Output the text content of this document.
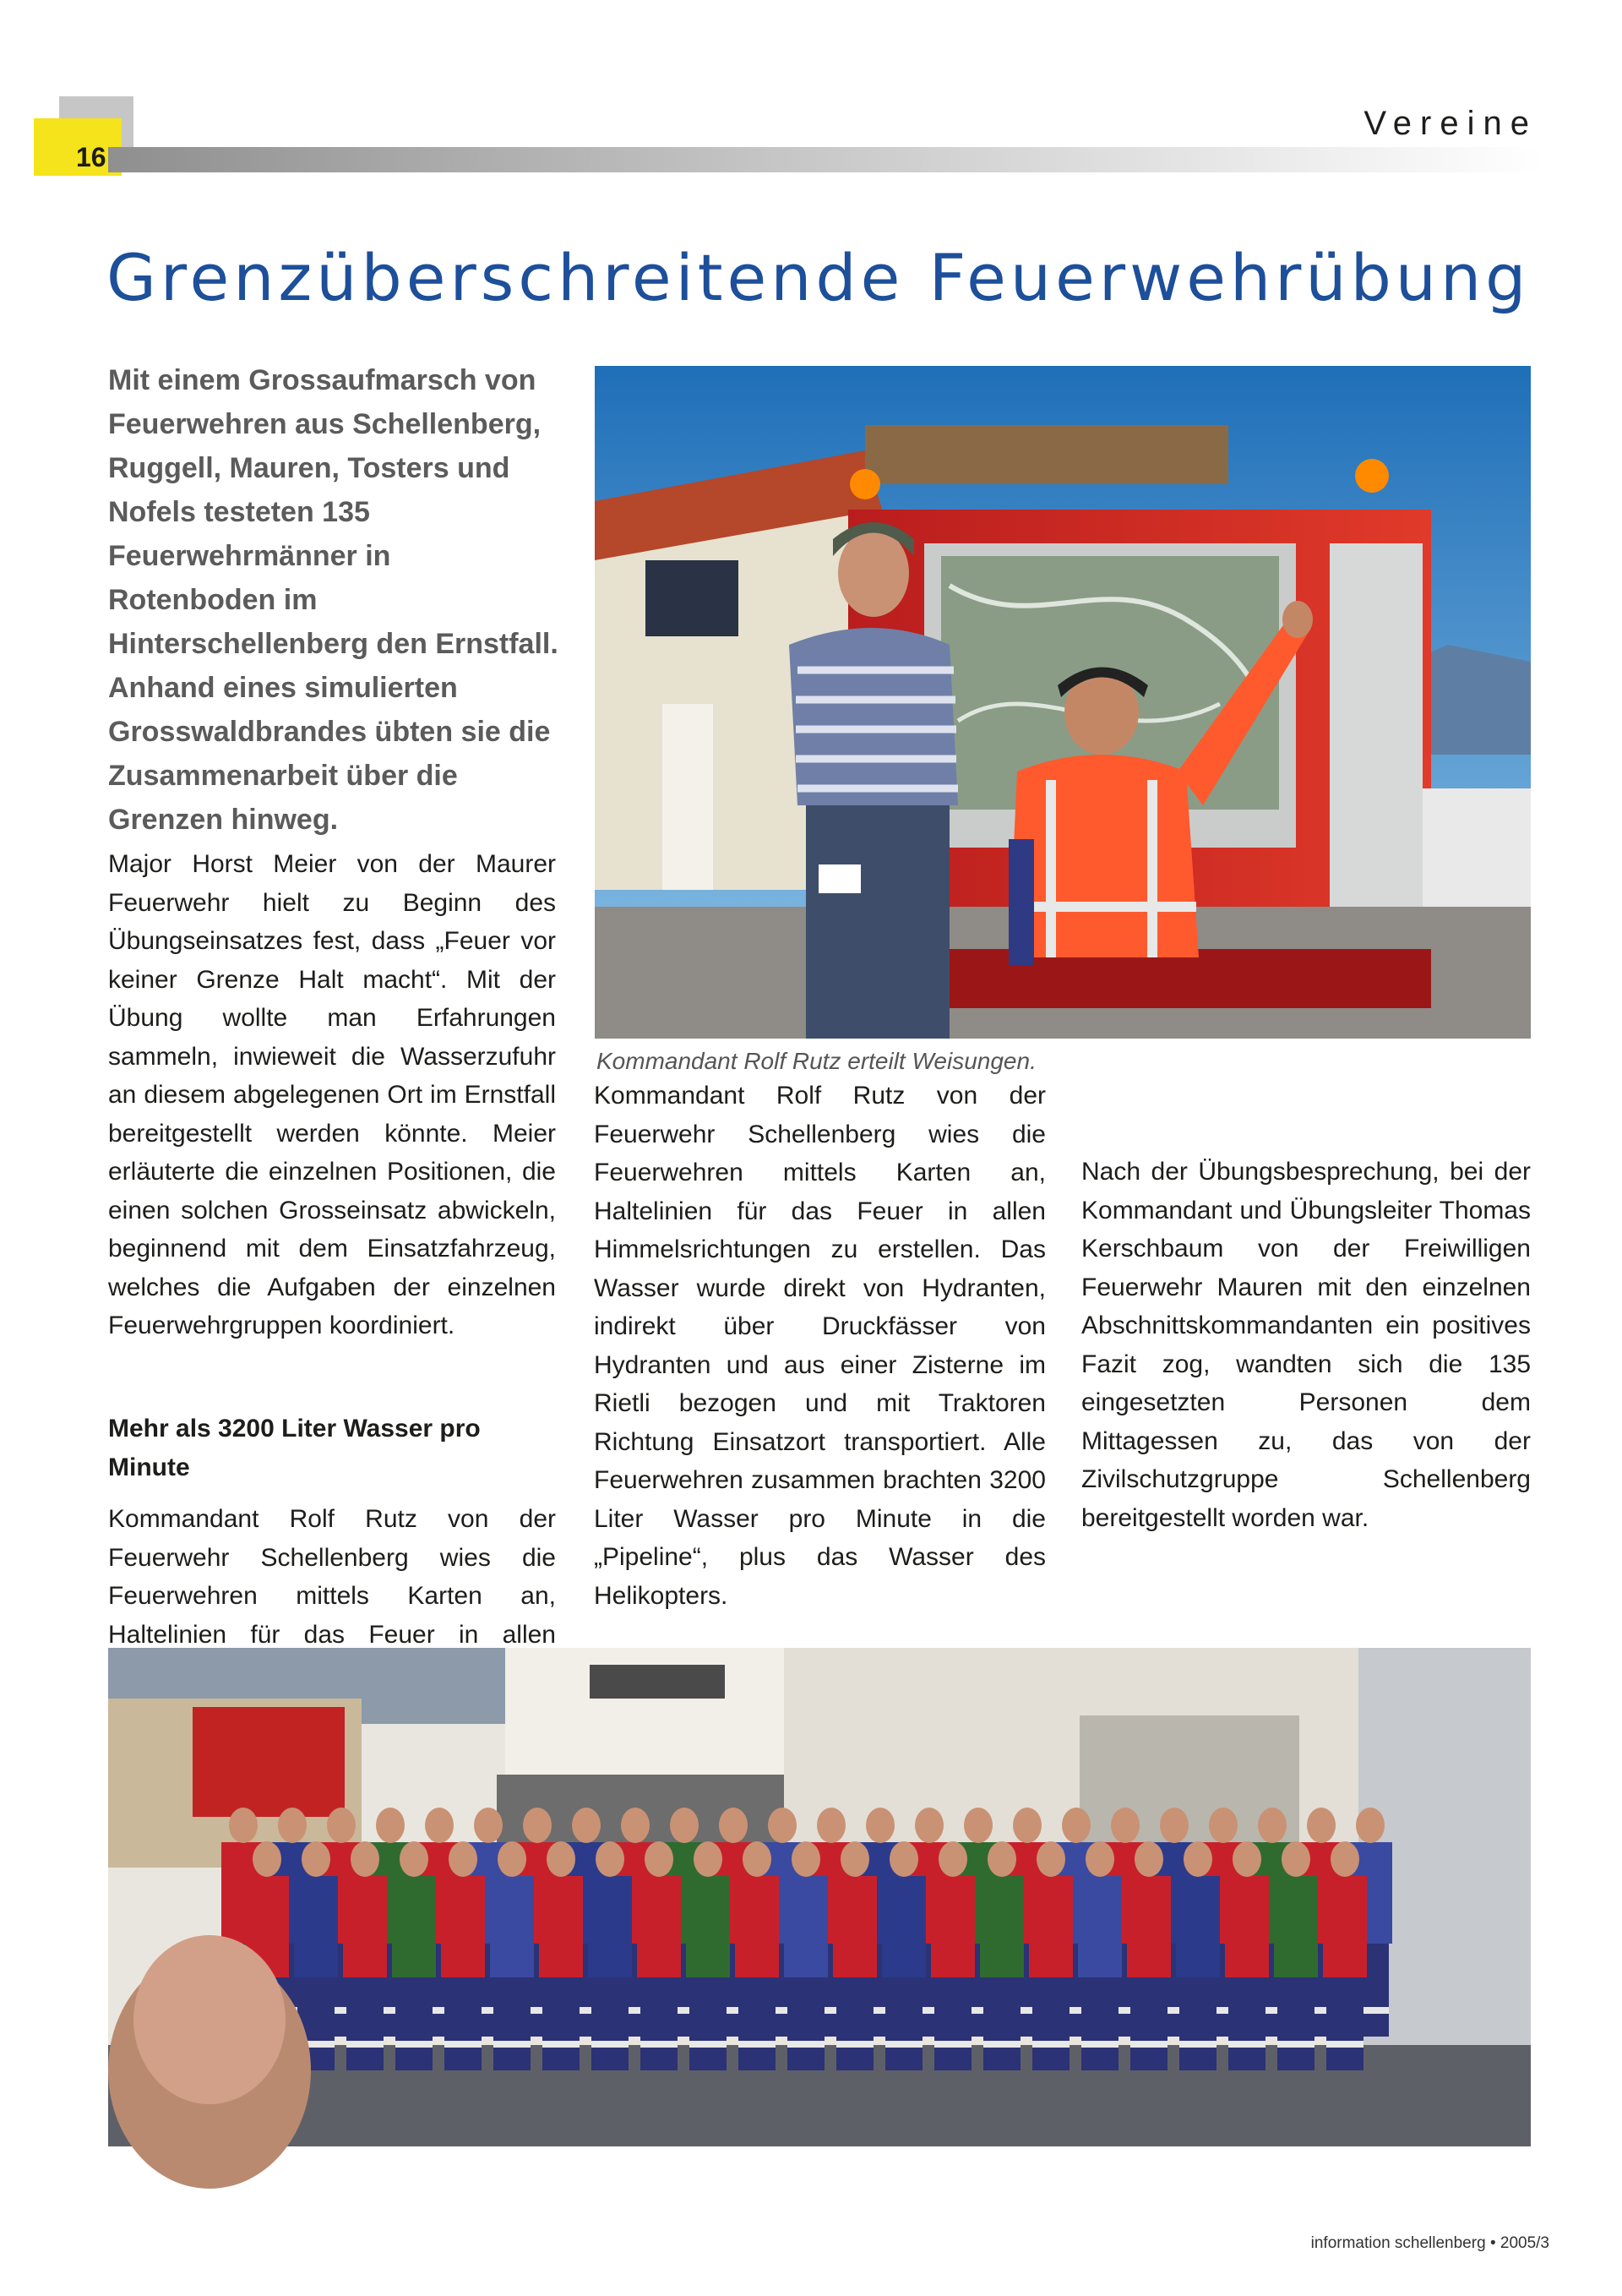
16
Vereine
Grenzüberschreitende Feuerwehrübung
Mit einem Grossaufmarsch von Feuerwehren aus Schellenberg, Ruggell, Mauren, Tosters und Nofels testeten 135 Feuerwehrmänner in Rotenboden im Hinterschellenberg den Ernstfall. Anhand eines simulierten Grosswaldbrandes übten sie die Zusammenarbeit über die Grenzen hinweg.
Major Horst Meier von der Maurer Feuerwehr hielt zu Beginn des Übungseinsatzes fest, dass „Feuer vor keiner Grenze Halt macht“. Mit der Übung wollte man Erfahrungen sammeln, inwieweit die Wasserzufuhr an diesem abgelegenen Ort im Ernstfall bereitgestellt werden könnte. Meier erläuterte die einzelnen Positionen, die einen solchen Grosseinsatz abwickeln, beginnend mit dem Einsatzfahrzeug, welches die Aufgaben der einzelnen Feuerwehrgruppen koordiniert.
Mehr als 3200 Liter Wasser pro Minute
Kommandant Rolf Rutz von der Feuerwehr Schellenberg wies die Feuerwehren mittels Karten an, Haltelinien für das Feuer in allen
Kommandant Rolf Rutz von der Feuerwehr Schellenberg wies die Feuerwehren mittels Karten an, Haltelinien für das Feuer in allen Himmelsrichtungen zu erstellen. Das Wasser wurde direkt von Hydranten, indirekt über Druckfässer von Hydranten und aus einer Zisterne im Rietli bezogen und mit Traktoren Richtung Einsatzort transportiert. Alle Feuerwehren zusammen brachten 3200 Liter Wasser pro Minute in die „Pipeline“, plus das Wasser des Helikopters.
Nach der Übungsbesprechung, bei der Kommandant und Übungsleiter Thomas Kerschbaum von der Freiwilligen Feuerwehr Mauren mit den einzelnen Abschnittskommandanten ein positives Fazit zog, wandten sich die 135 eingesetzten Personen dem Mittagessen zu, das von der Zivilschutzgruppe Schellenberg bereitgestellt worden war.
Kommandant Rolf Rutz erteilt Weisungen.
information schellenberg • 2005/3
